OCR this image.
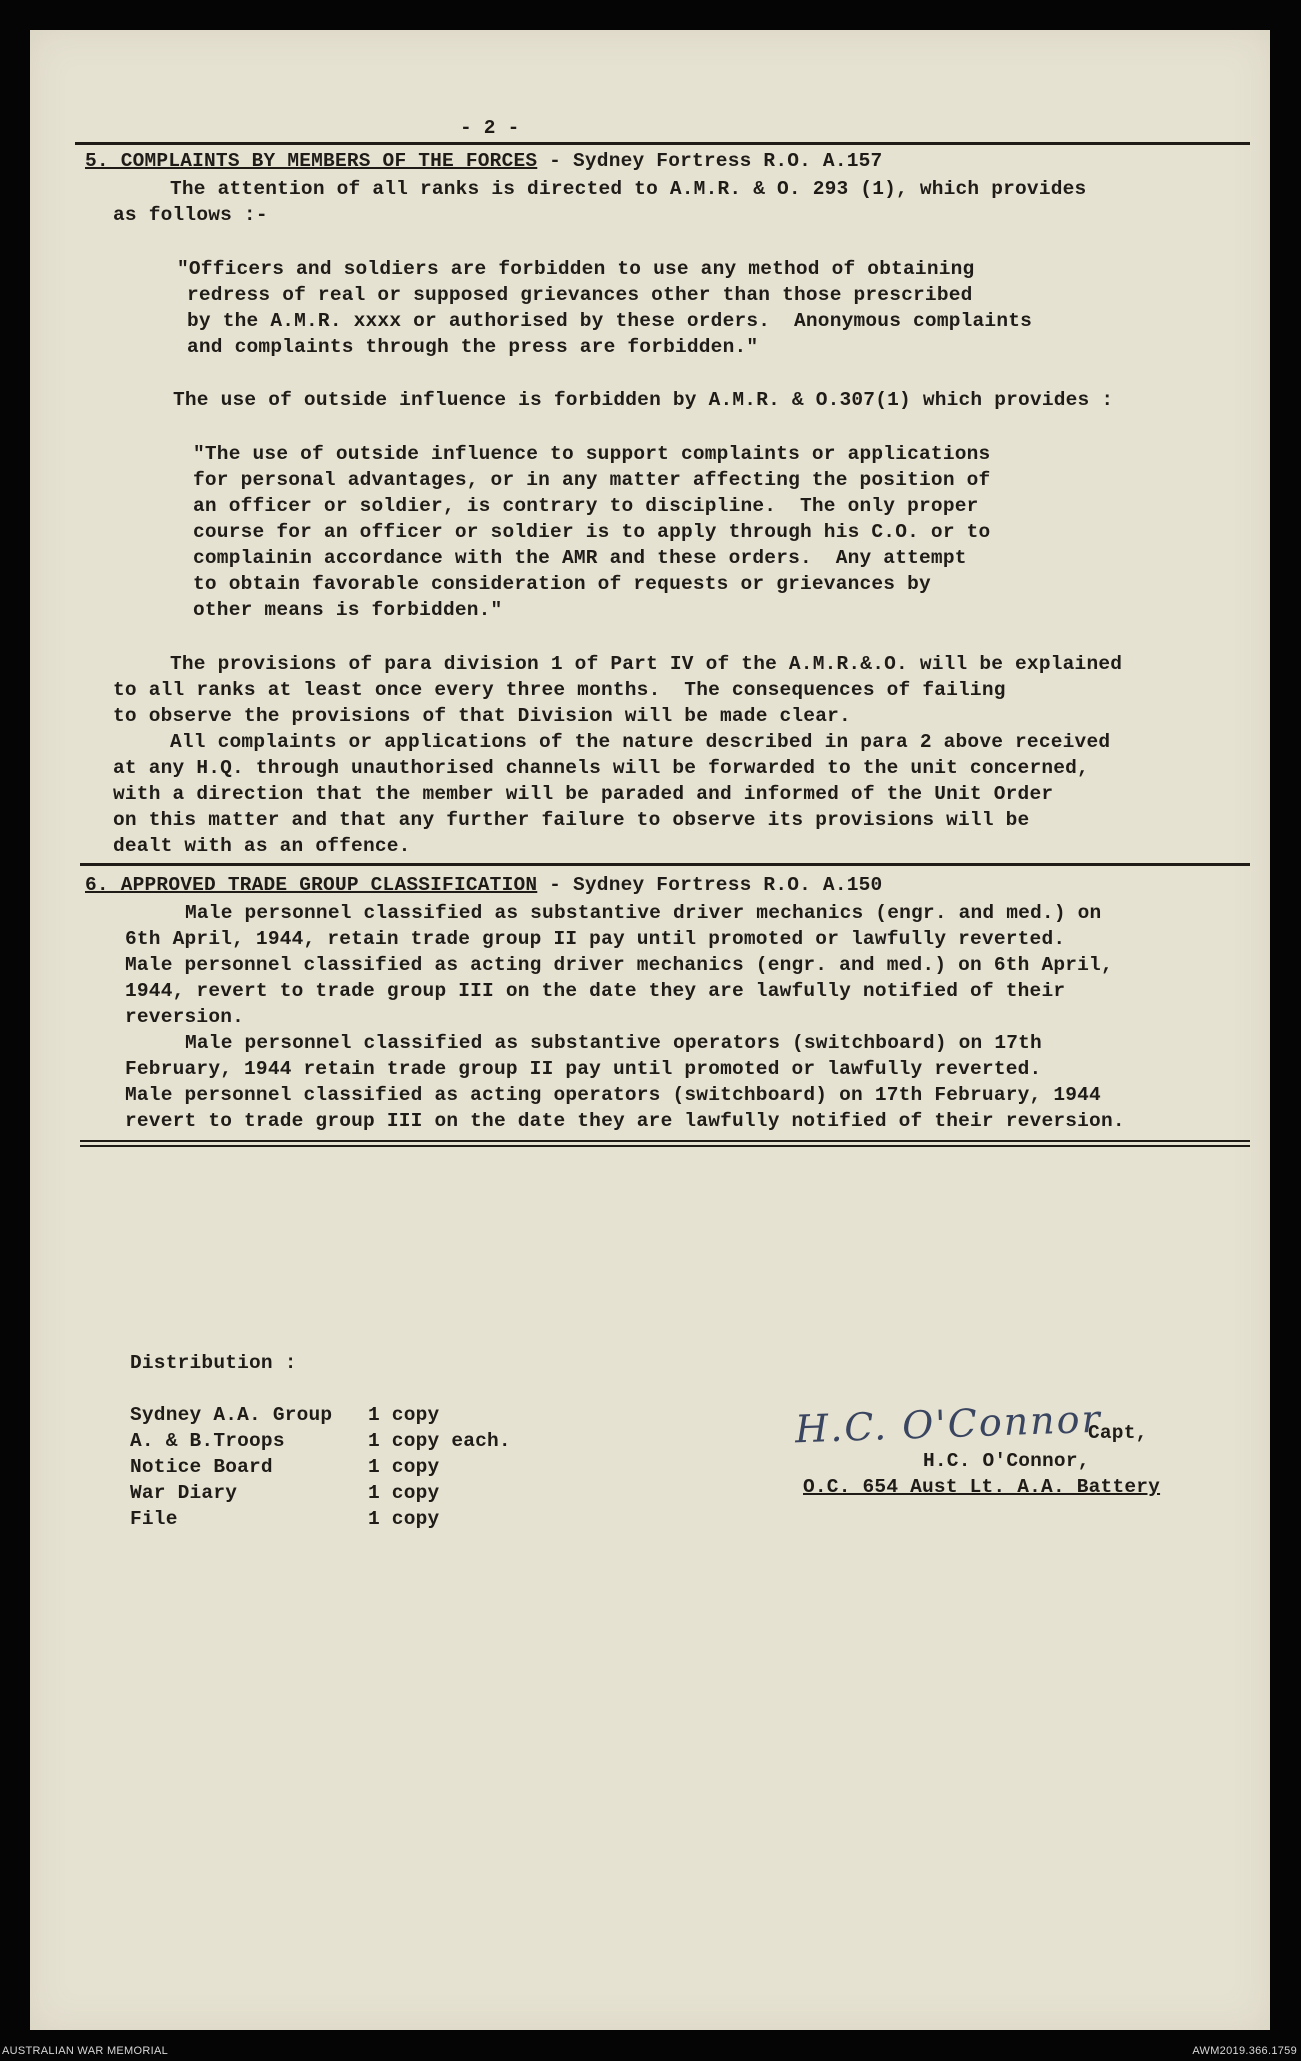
- 2 -
5. COMPLAINTS BY MEMBERS OF THE FORCES - Sydney Fortress R.O. A.157
The attention of all ranks is directed to A.M.R. & O. 293 (1), which provides
as follows :-
"Officers and soldiers are forbidden to use any method of obtaining
redress of real or supposed grievances other than those prescribed
by the A.M.R. xxxx or authorised by these orders.  Anonymous complaints
and complaints through the press are forbidden."
The use of outside influence is forbidden by A.M.R. & O.307(1) which provides :
"The use of outside influence to support complaints or applications
for personal advantages, or in any matter affecting the position of
an officer or soldier, is contrary to discipline.  The only proper
course for an officer or soldier is to apply through his C.O. or to
complainin accordance with the AMR and these orders.  Any attempt
to obtain favorable consideration of requests or grievances by
other means is forbidden."
The provisions of para division 1 of Part IV of the A.M.R.&.O. will be explained
to all ranks at least once every three months.  The consequences of failing
to observe the provisions of that Division will be made clear.
All complaints or applications of the nature described in para 2 above received
at any H.Q. through unauthorised channels will be forwarded to the unit concerned,
with a direction that the member will be paraded and informed of the Unit Order
on this matter and that any further failure to observe its provisions will be
dealt with as an offence.
6. APPROVED TRADE GROUP CLASSIFICATION - Sydney Fortress R.O. A.150
Male personnel classified as substantive driver mechanics (engr. and med.) on
6th April, 1944, retain trade group II pay until promoted or lawfully reverted.
Male personnel classified as acting driver mechanics (engr. and med.) on 6th April,
1944, revert to trade group III on the date they are lawfully notified of their
reversion.
Male personnel classified as substantive operators (switchboard) on 17th
February, 1944 retain trade group II pay until promoted or lawfully reverted.
Male personnel classified as acting operators (switchboard) on 17th February, 1944
revert to trade group III on the date they are lawfully notified of their reversion.
Distribution :
Sydney A.A. Group 1 copy
A. & B.Troops	1 copy each.
Notice Board	1 copy
War Diary	1 copy
File	1 copy
H.C. O'Connor
Capt,
H.C. O'Connor,
O.C. 654 Aust Lt. A.A. Battery
AUSTRALIAN WAR MEMORIAL	AWM2019.366.1759
